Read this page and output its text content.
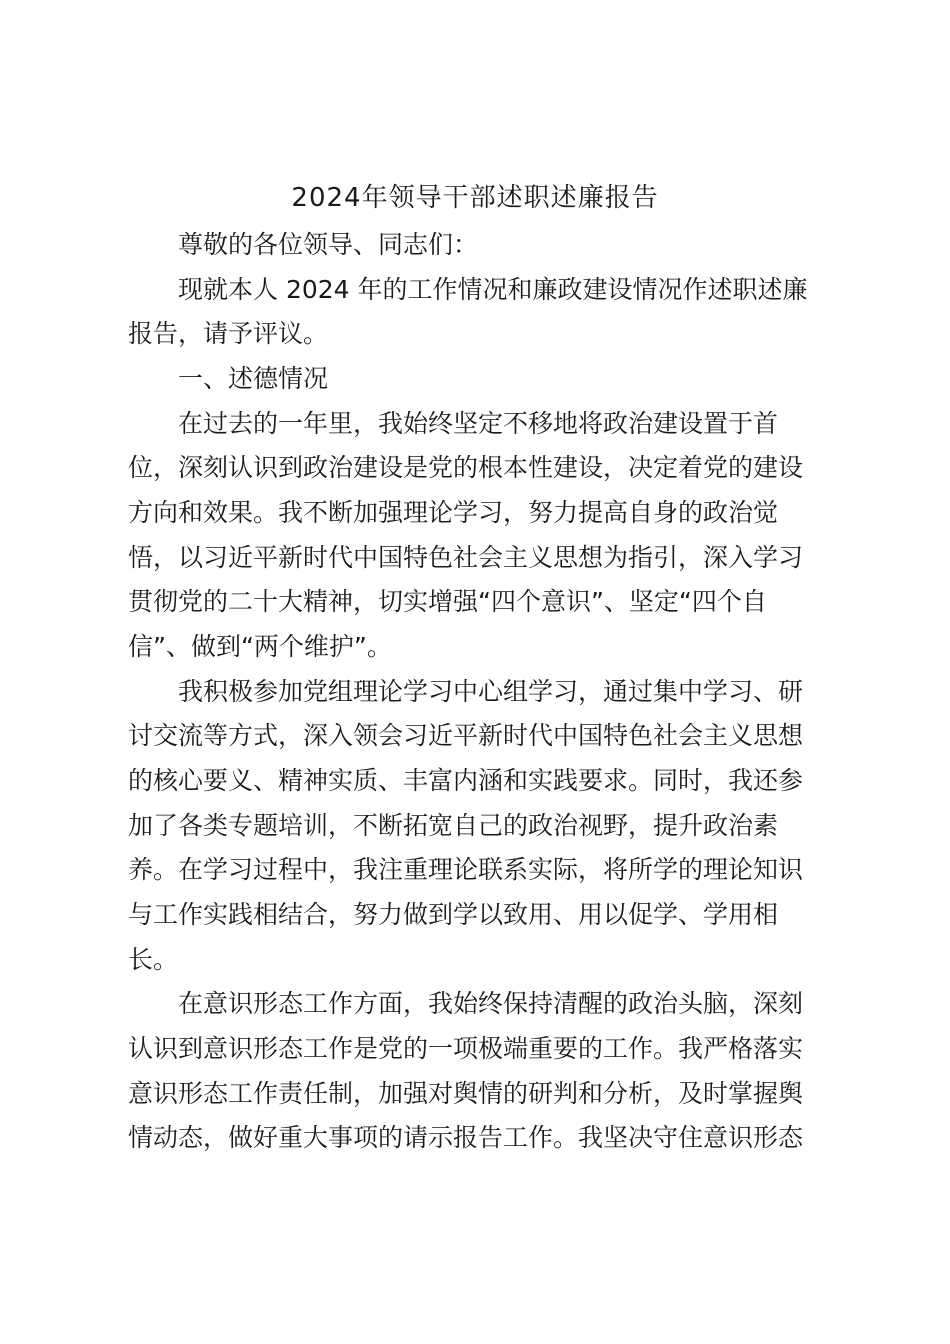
2024年领导干部述职述廉报告

尊敬的各位领导、同志们：

现就本人 2024 年的工作情况和廉政建设情况作述职述廉

报告，请予评议。

一、述德情况

在过去的一年里，我始终坚定不移地将政治建设置于首

位，深刻认识到政治建设是党的根本性建设，决定着党的建设

方向和效果。我不断加强理论学习，努力提高自身的政治觉

悟，以习近平新时代中国特色社会主义思想为指引，深入学习

贯彻党的二十大精神，切实增强“四个意识”、坚定“四个自

信”、做到“两个维护”。

我积极参加党组理论学习中心组学习，通过集中学习、研

讨交流等方式，深入领会习近平新时代中国特色社会主义思想

的核心要义、精神实质、丰富内涵和实践要求。同时，我还参

加了各类专题培训，不断拓宽自己的政治视野，提升政治素

养。在学习过程中，我注重理论联系实际，将所学的理论知识

与工作实践相结合，努力做到学以致用、用以促学、学用相

长。

在意识形态工作方面，我始终保持清醒的政治头脑，深刻

认识到意识形态工作是党的一项极端重要的工作。我严格落实

意识形态工作责任制，加强对舆情的研判和分析，及时掌握舆

情动态，做好重大事项的请示报告工作。我坚决守住意识形态
